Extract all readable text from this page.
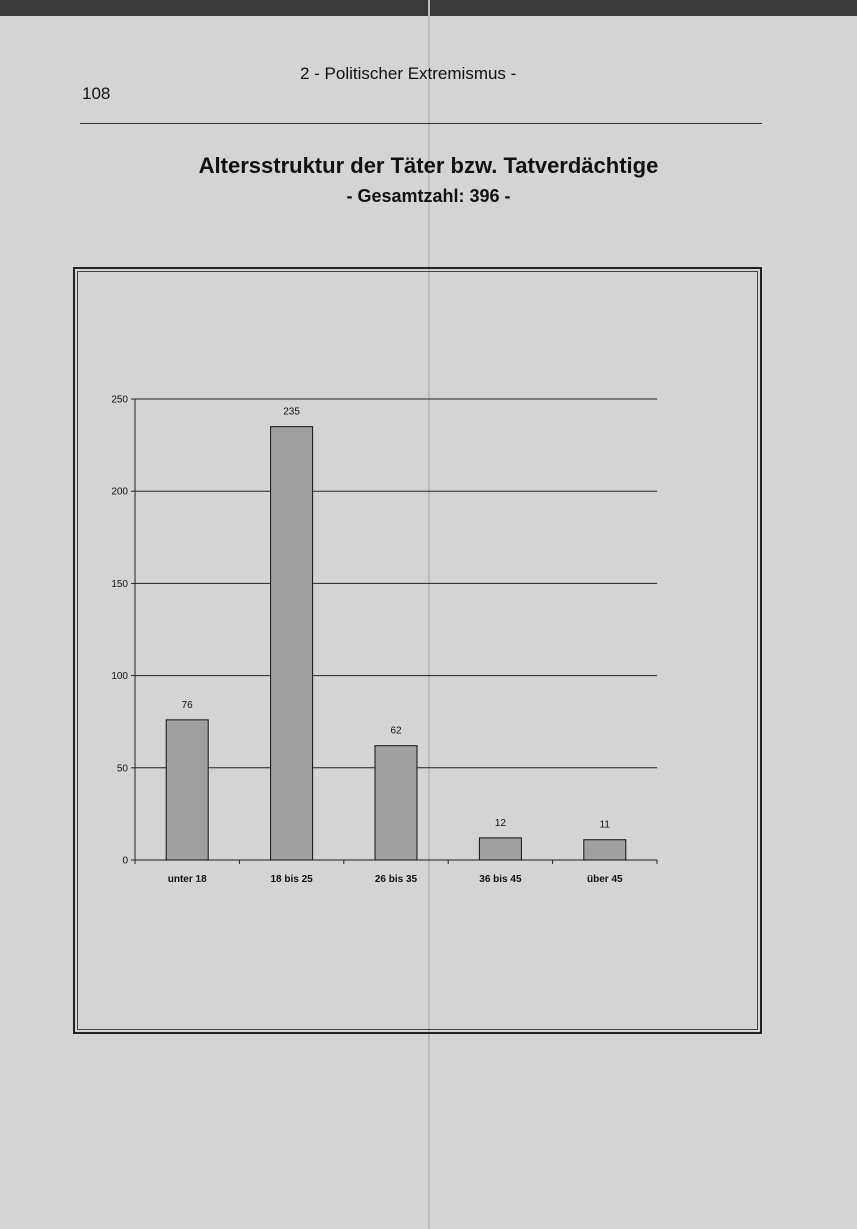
108
2 - Politischer Extremismus -
Altersstruktur der Täter bzw. Tatverdächtige
- Gesamtzahl: 396 -
0
50
100
150
200
250
76
unter 18
235
18 bis 25
62
26 bis 35
12
36 bis 45
11
über 45
